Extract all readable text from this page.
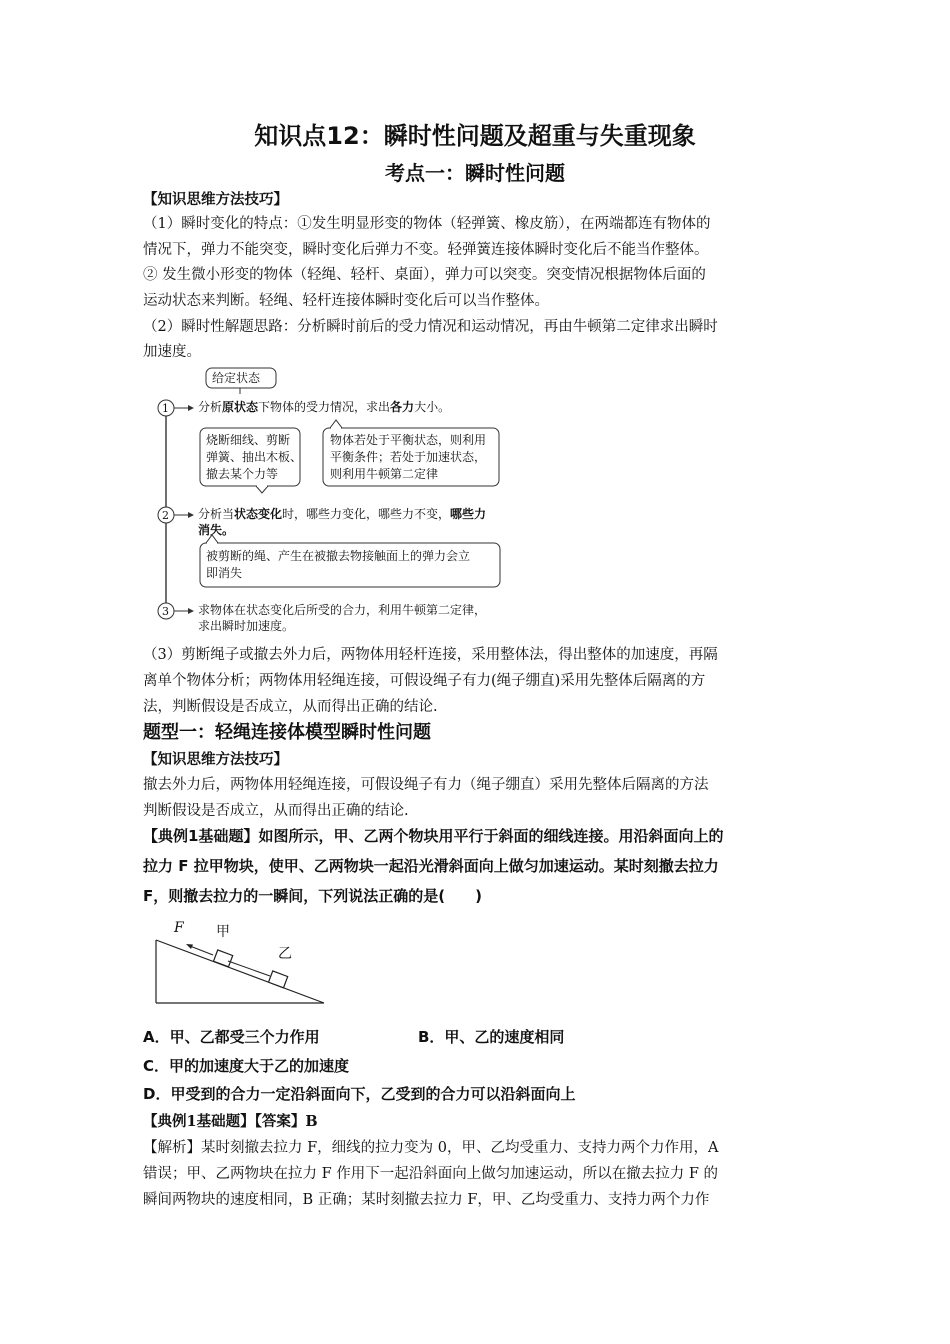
知识点12：瞬时性问题及超重与失重现象
考点一：瞬时性问题
【知识思维方法技巧】
（1）瞬时变化的特点：①发生明显形变的物体（轻弹簧、橡皮筋），在两端都连有物体的
情况下，弹力不能突变，瞬时变化后弹力不变。轻弹簧连接体瞬时变化后不能当作整体。
② 发生微小形变的物体（轻绳、轻杆、桌面），弹力可以突变。突变情况根据物体后面的
运动状态来判断。轻绳、轻杆连接体瞬时变化后可以当作整体。
（2）瞬时性解题思路：分析瞬时前后的受力情况和运动情况，再由牛顿第二定律求出瞬时
加速度。
给定状态
1
2
3
分析原状态下物体的受力情况，求出各力大小。
烧断细线、剪断
弹簧、抽出木板、
撤去某个力等
物体若处于平衡状态，则利用
平衡条件；若处于加速状态，
则利用牛顿第二定律
分析当状态变化时，哪些力变化，哪些力不变，哪些力
消失。
被剪断的绳、产生在被撤去物接触面上的弹力会立
即消失
求物体在状态变化后所受的合力，利用牛顿第二定律，
求出瞬时加速度。
（3）剪断绳子或撤去外力后，两物体用轻杆连接，采用整体法，得出整体的加速度，再隔
离单个物体分析；两物体用轻绳连接，可假设绳子有力(绳子绷直)采用先整体后隔离的方
法，判断假设是否成立，从而得出正确的结论.
题型一：轻绳连接体模型瞬时性问题
【知识思维方法技巧】
撤去外力后，两物体用轻绳连接，可假设绳子有力（绳子绷直）采用先整体后隔离的方法
判断假设是否成立，从而得出正确的结论.
【典例1基础题】如图所示，甲、乙两个物块用平行于斜面的细线连接。用沿斜面向上的
拉力 F 拉甲物块，使甲、乙两物块一起沿光滑斜面向上做匀加速运动。某时刻撤去拉力
F，则撤去拉力的一瞬间，下列说法正确的是(　　)
F 甲
乙
A．甲、乙都受三个力作用	B．甲、乙的速度相同
C．甲的加速度大于乙的加速度
D．甲受到的合力一定沿斜面向下，乙受到的合力可以沿斜面向上
【典例1基础题】【答案】B
【解析】某时刻撤去拉力 F，细线的拉力变为 0，甲、乙均受重力、支持力两个力作用，A
错误；甲、乙两物块在拉力 F 作用下一起沿斜面向上做匀加速运动，所以在撤去拉力 F 的
瞬间两物块的速度相同，B 正确；某时刻撤去拉力 F，甲、乙均受重力、支持力两个力作
